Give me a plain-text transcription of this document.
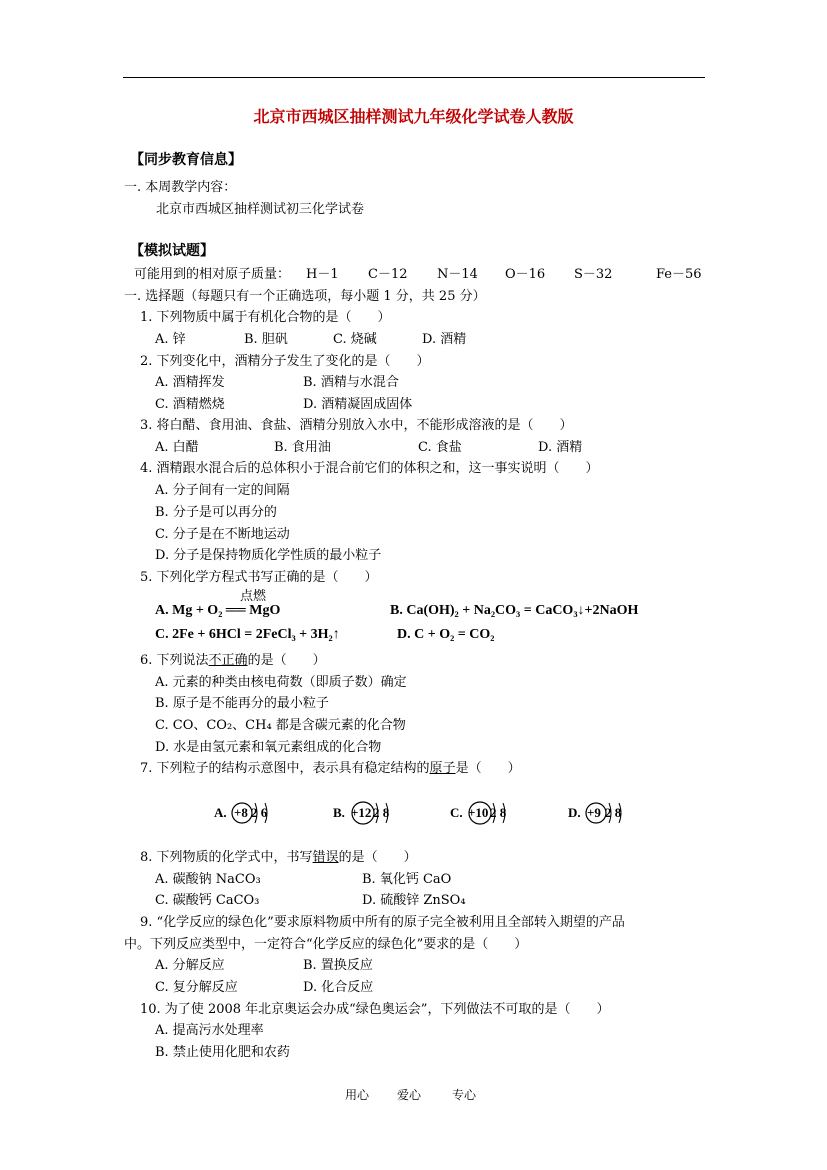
北京市西城区抽样测试九年级化学试卷人教版
【同步教育信息】
一. 本周教学内容：
北京市西城区抽样测试初三化学试卷
【模拟试题】
可能用到的相对原子质量： H－1 C－12 N－14 O－16 S－32	Fe－56
一. 选择题（每题只有一个正确选项，每小题 1 分，共 25 分）
1. 下列物质中属于有机化合物的是（　　）
A. 锌	B. 胆矾	C. 烧碱	D. 酒精
2. 下列变化中，酒精分子发生了变化的是（　　）
A. 酒精挥发	B. 酒精与水混合
C. 酒精燃烧	D. 酒精凝固成固体
3. 将白醋、食用油、食盐、酒精分别放入水中，不能形成溶液的是（　　）
A. 白醋	B. 食用油	C. 食盐	D. 酒精
4. 酒精跟水混合后的总体积小于混合前它们的体积之和，这一事实说明（　　）
A. 分子间有一定的间隔
B. 分子是可以再分的
C. 分子是在不断地运动
D. 分子是保持物质化学性质的最小粒子
5. 下列化学方程式书写正确的是（　　）
点燃
A. Mg + O₂ ══ MgO	B. Ca(OH)₂ + Na₂CO₃ = CaCO₃↓+2NaOH
C. 2Fe + 6HCl = 2FeCl₃ + 3H₂↑	D. C + O₂ = CO₂
6. 下列说法不正确的是（　　）
A. 元素的种类由核电荷数（即质子数）确定
B. 原子是不能再分的最小粒子
C. CO、CO₂、CH₄ 都是含碳元素的化合物
D. 水是由氢元素和氧元素组成的化合物
7. 下列粒子的结构示意图中，表示具有稳定结构的原子是（　　）

A.

+8

2 6

	B.

+12

2 8

	C.

+10

2 8

	D.

+9

2 8

8. 下列物质的化学式中，书写错误的是（　　）
A. 碳酸钠 NaCO₃	B. 氧化钙 CaO
C. 碳酸钙 CaCO₃	D. 硫酸锌 ZnSO₄
9. “化学反应的绿色化”要求原料物质中所有的原子完全被利用且全部转入期望的产品
中。下列反应类型中，一定符合“化学反应的绿色化”要求的是（　　）
A. 分解反应	B. 置换反应
C. 复分解反应	D. 化合反应
10. 为了使 2008 年北京奥运会办成“绿色奥运会”，下列做法不可取的是（　　）
A. 提高污水处理率
B. 禁止使用化肥和农药
用心 爱心	专心
